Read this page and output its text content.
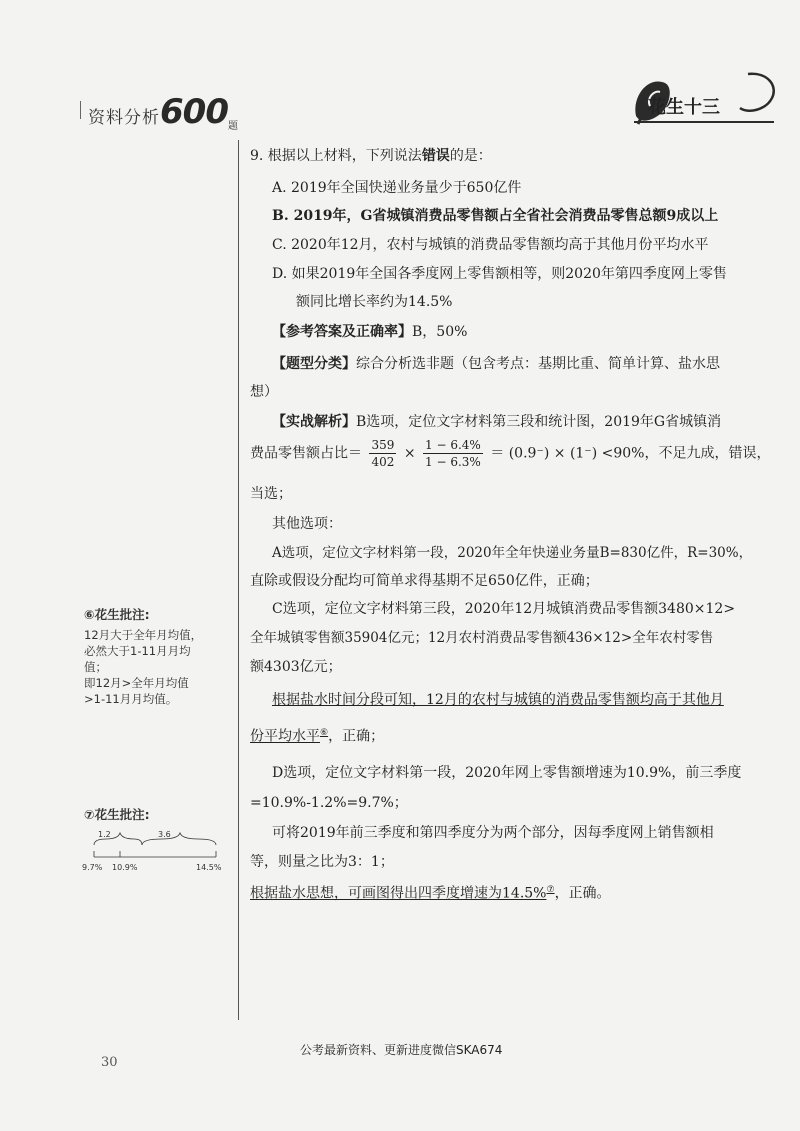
资料分析600题
花生十三
9. 根据以上材料，下列说法错误的是：
A. 2019年全国快递业务量少于650亿件
B. 2019年，G省城镇消费品零售额占全省社会消费品零售总额9成以上
C. 2020年12月，农村与城镇的消费品零售额均高于其他月份平均水平
D. 如果2019年全国各季度网上零售额相等，则2020年第四季度网上零售
额同比增长率约为14.5%
【参考答案及正确率】B，50%
【题型分类】综合分析选非题（包含考点：基期比重、简单计算、盐水思
想）
【实战解析】B选项，定位文字材料第三段和统计图，2019年G省城镇消
费品零售额占比＝ $\frac{359}{402} \times \frac{1 - 6.4\%}{1 - 6.3\%} = (0.9^-) \times (1^-) <90\%$，不足九成，错误，
当选；
其他选项：
A选项，定位文字材料第一段，2020年全年快递业务量B=830亿件，R=30%，
直除或假设分配均可简单求得基期不足650亿件，正确；
C选项，定位文字材料第三段，2020年12月城镇消费品零售额3480×12>
全年城镇零售额35904亿元；12月农村消费品零售额436×12>全年农村零售
额4303亿元；
根据盐水时间分段可知，12月的农村与城镇的消费品零售额均高于其他月
份平均水平⑥，正确；
D选项，定位文字材料第一段，2020年网上零售额增速为10.9%，前三季度
=10.9%-1.2%=9.7%；
可将2019年前三季度和第四季度分为两个部分，因每季度网上销售额相
等，则量之比为3：1；
根据盐水思想，可画图得出四季度增速为14.5%⑦，正确。
⑥花生批注:
12月大于全年月均值，
必然大于1-11月月均
值；
即12月>全年月均值
>1-11月月均值。
⑦花生批注:
1.2	3.6
9.7% 10.9%	14.5%
公考最新资料、更新进度微信SKA674
30
